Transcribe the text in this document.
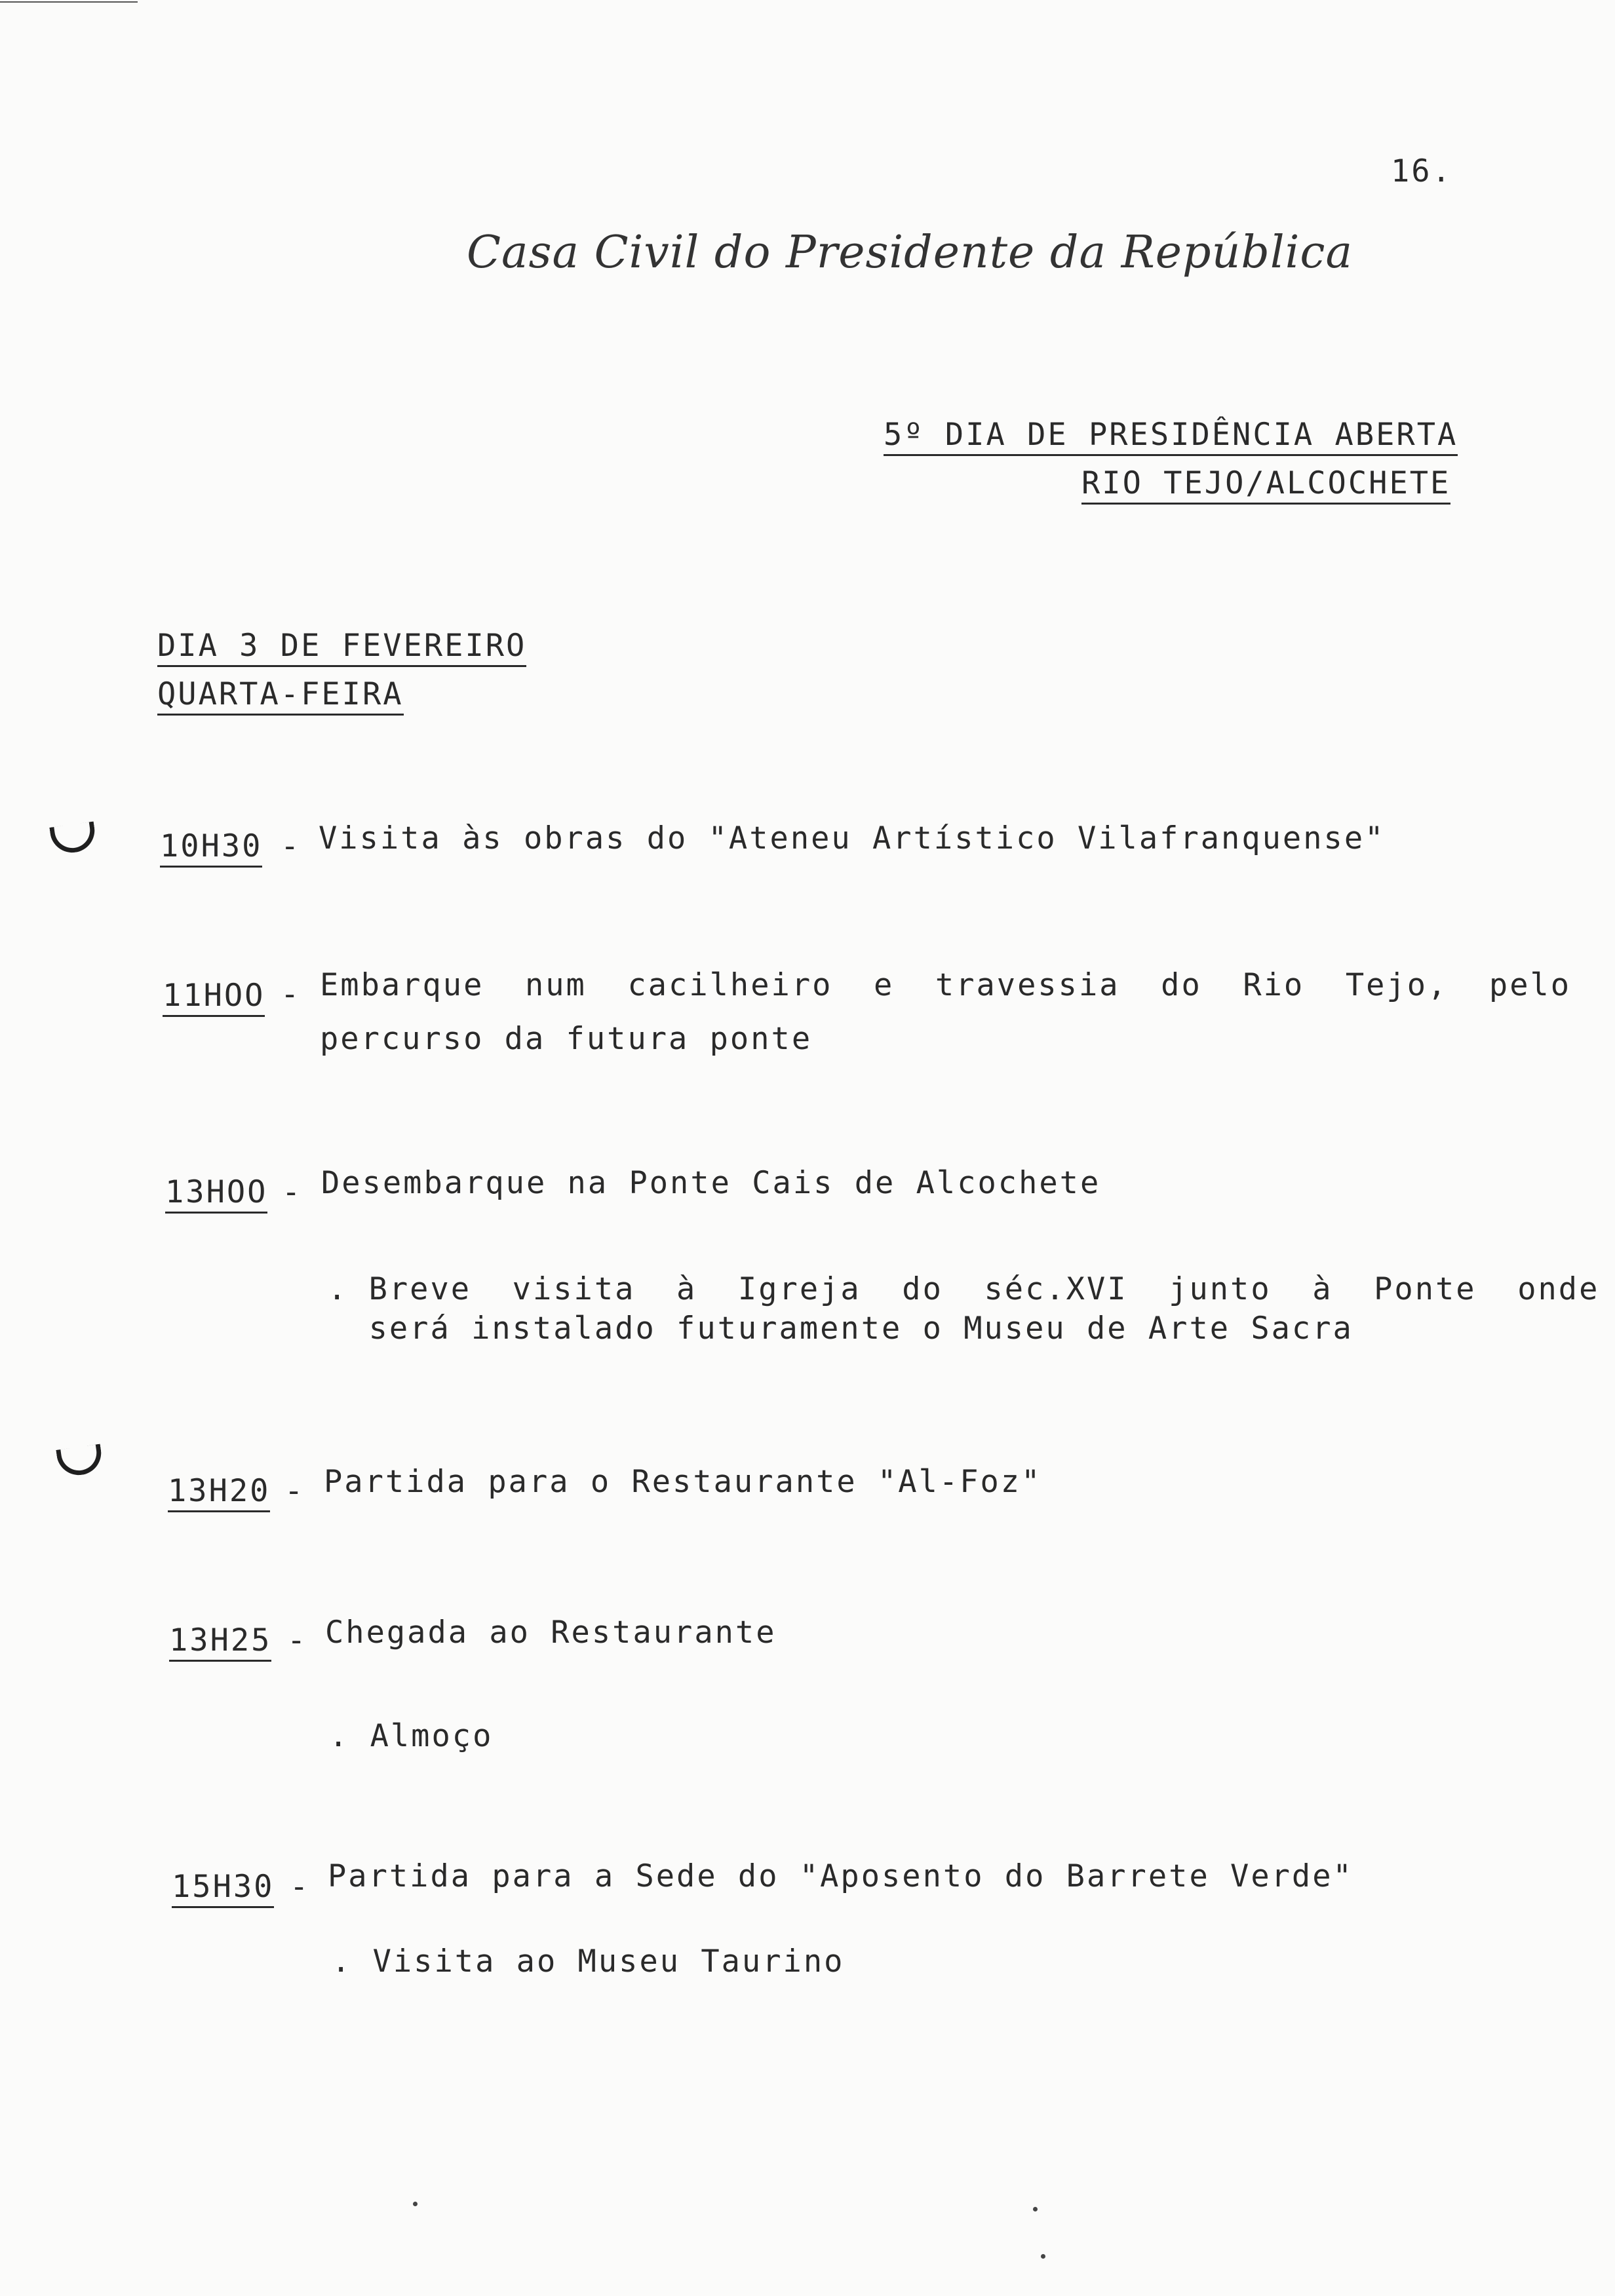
16.
Casa Civil do Presidente da República
5º DIA DE PRESIDÊNCIA ABERTA
RIO TEJO/ALCOCHETE
DIA 3 DE FEVEREIRO
QUARTA-FEIRA
10H30 - Visita às obras do "Ateneu Artístico Vilafranquense"
11HOO - Embarque  num  cacilheiro  e  travessia  do  Rio  Tejo,  pelo
percurso da futura ponte
13HOO - Desembarque na Ponte Cais de Alcochete
. Breve  visita  à  Igreja  do  séc.XVI  junto  à  Ponte  onde
será instalado futuramente o Museu de Arte Sacra
13H20 - Partida para o Restaurante "Al-Foz"
13H25 - Chegada ao Restaurante
. Almoço
15H30 - Partida para a Sede do "Aposento do Barrete Verde"
. Visita ao Museu Taurino
